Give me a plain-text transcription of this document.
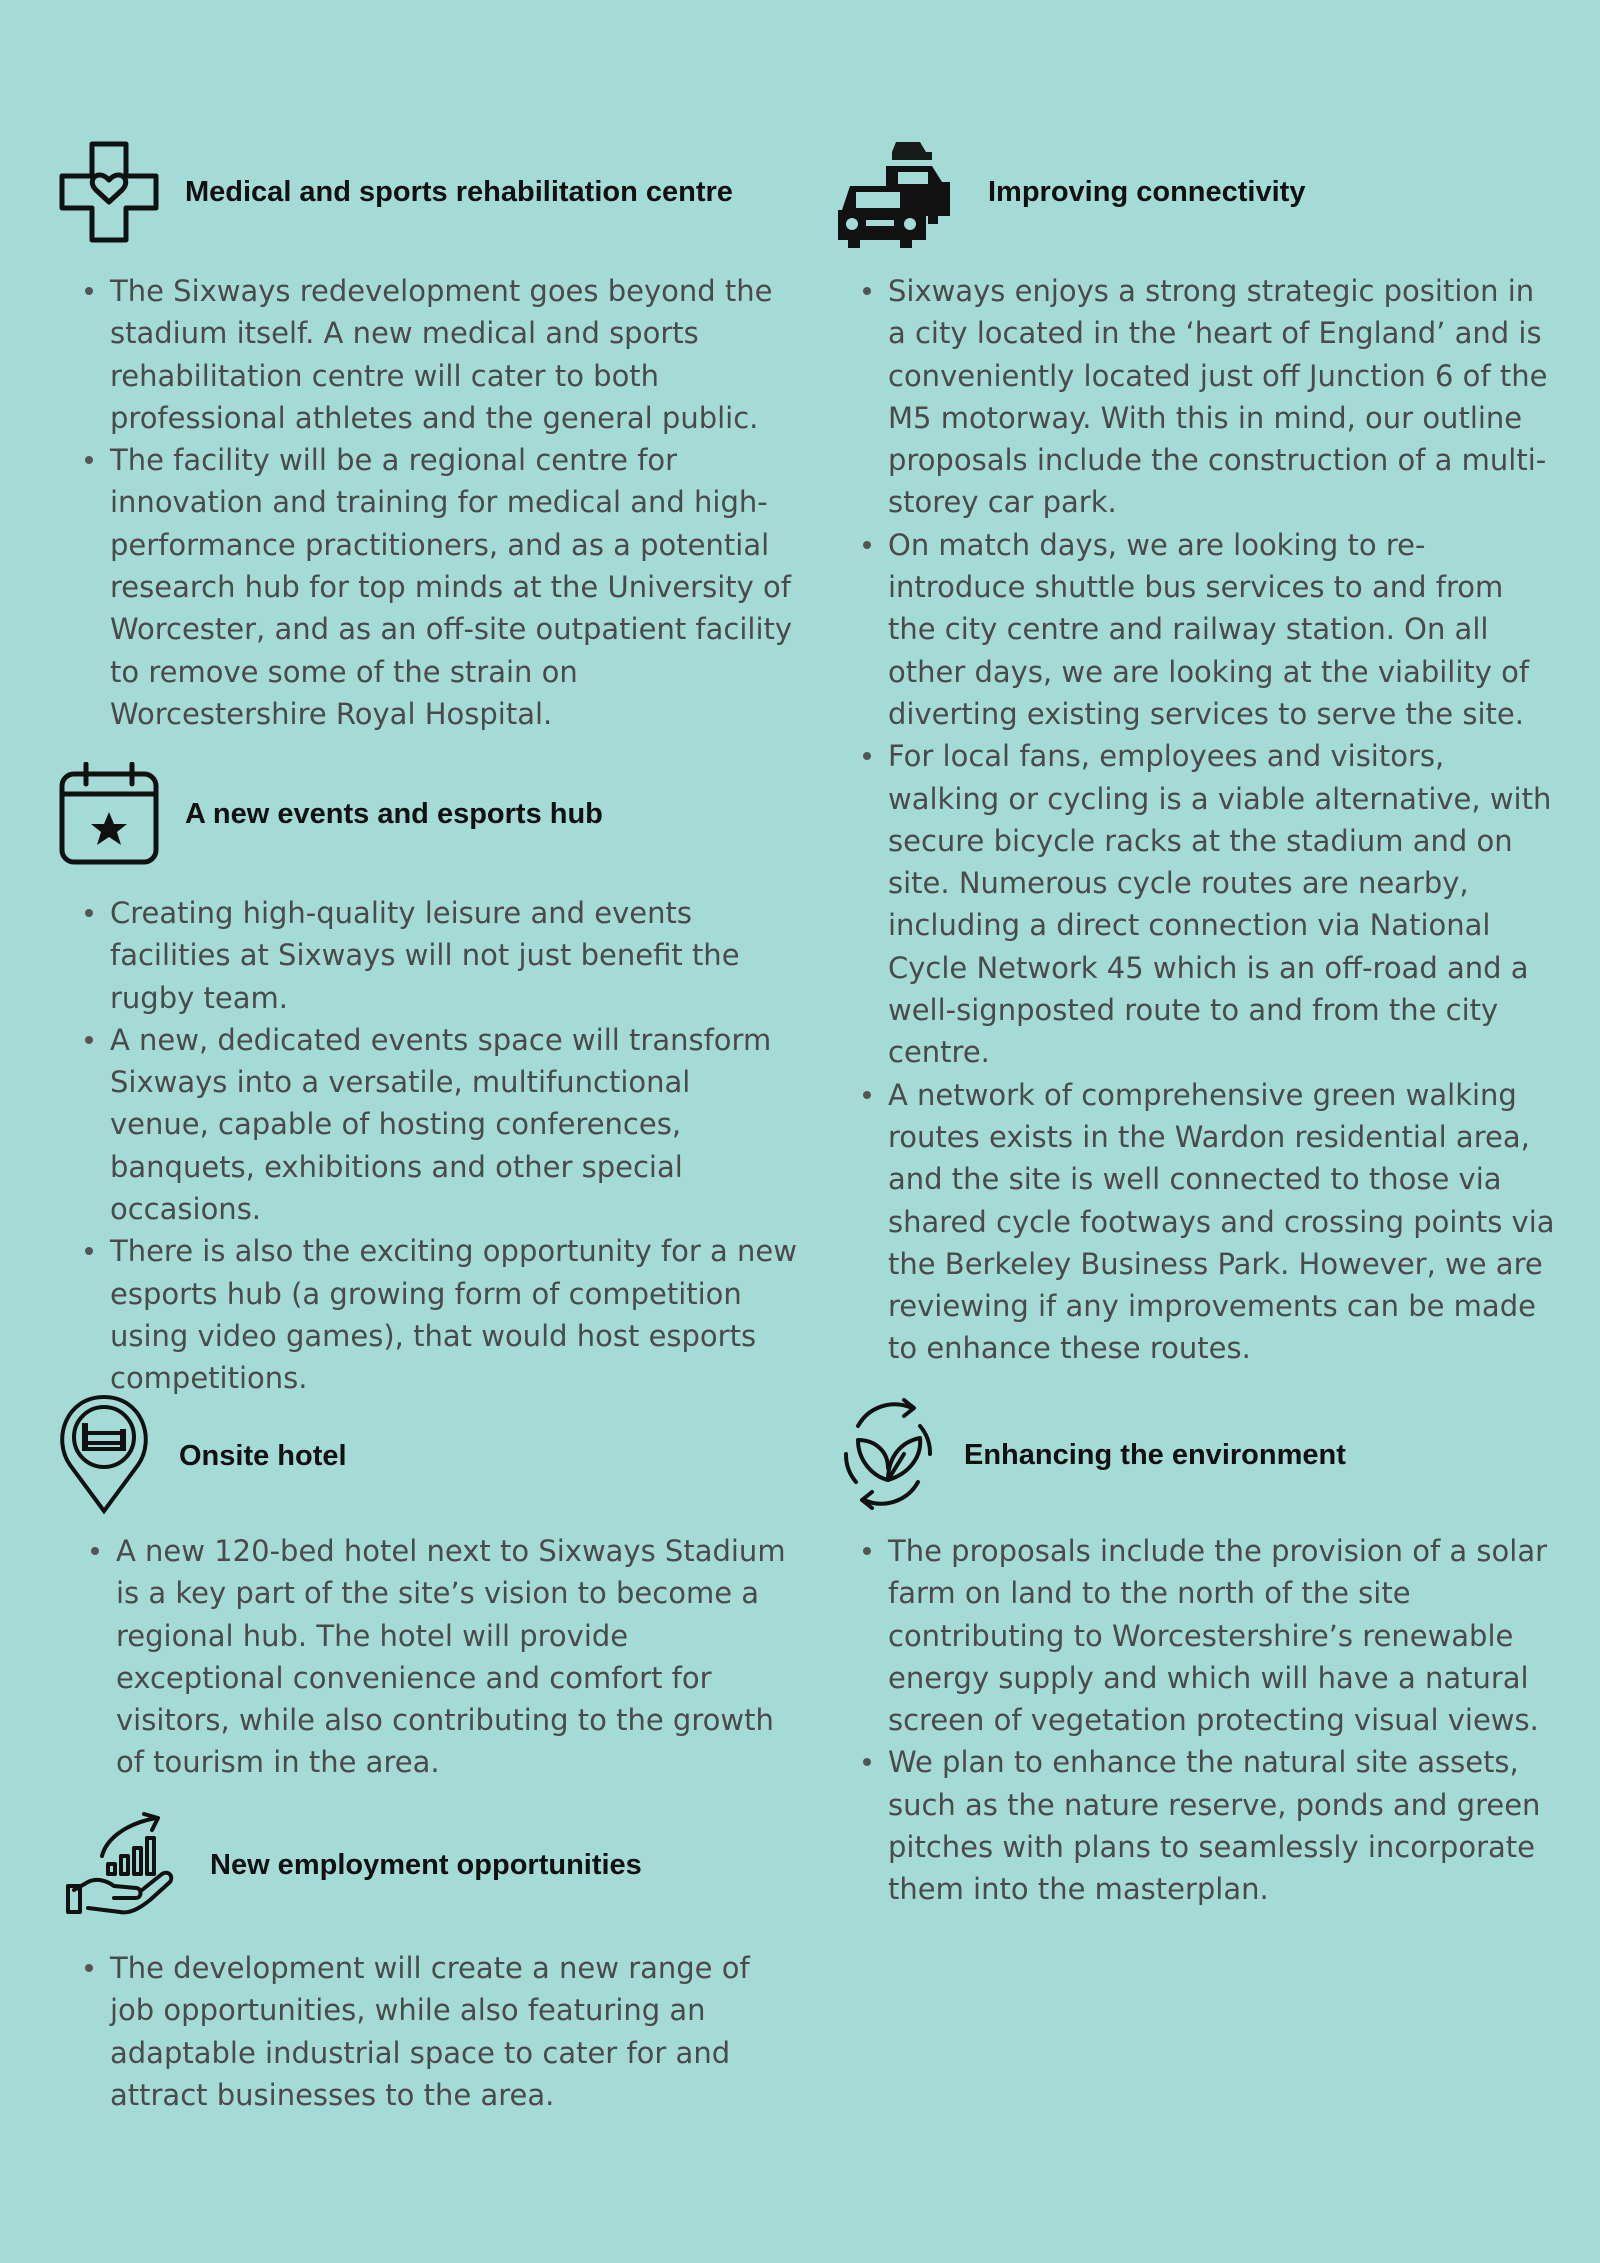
Medical and sports rehabilitation centre
The Sixways redevelopment goes beyond the stadium itself. A new medical and sports rehabilitation centre will cater to both professional athletes and the general public.
The facility will be a regional centre for innovation and training for medical and high-performance practitioners, and as a potential research hub for top minds at the University of Worcester, and as an off-site outpatient facility to remove some of the strain on Worcestershire Royal Hospital.
A new events and esports hub
Creating high-quality leisure and events facilities at Sixways will not just benefit the rugby team.
A new, dedicated events space will transform Sixways into a versatile, multifunctional venue, capable of hosting conferences, banquets, exhibitions and other special occasions.
There is also the exciting opportunity for a new esports hub (a growing form of competition using video games), that would host esports competitions.
Onsite hotel
A new 120-bed hotel next to Sixways Stadium is a key part of the site’s vision to become a regional hub. The hotel will provide exceptional convenience and comfort for visitors, while also contributing to the growth of tourism in the area.
New employment opportunities
The development will create a new range of job opportunities, while also featuring an adaptable industrial space to cater for and attract businesses to the area.
Improving connectivity
Sixways enjoys a strong strategic position in a city located in the ‘heart of England’ and is conveniently located just off Junction 6 of the M5 motorway. With this in mind, our outline proposals include the construction of a multi-storey car park.
On match days, we are looking to re-introduce shuttle bus services to and from the city centre and railway station. On all other days, we are looking at the viability of diverting existing services to serve the site.
For local fans, employees and visitors, walking or cycling is a viable alternative, with secure bicycle racks at the stadium and on site. Numerous cycle routes are nearby, including a direct connection via National Cycle Network 45 which is an off-road and a well-signposted route to and from the city centre.
A network of comprehensive green walking routes exists in the Wardon residential area, and the site is well connected to those via shared cycle footways and crossing points via the Berkeley Business Park. However, we are reviewing if any improvements can be made to enhance these routes.
Enhancing the environment
The proposals include the provision of a solar farm on land to the north of the site contributing to Worcestershire’s renewable energy supply and which will have a natural screen of vegetation protecting visual views.
We plan to enhance the natural site assets, such as the nature reserve, ponds and green pitches with plans to seamlessly incorporate them into the masterplan.
